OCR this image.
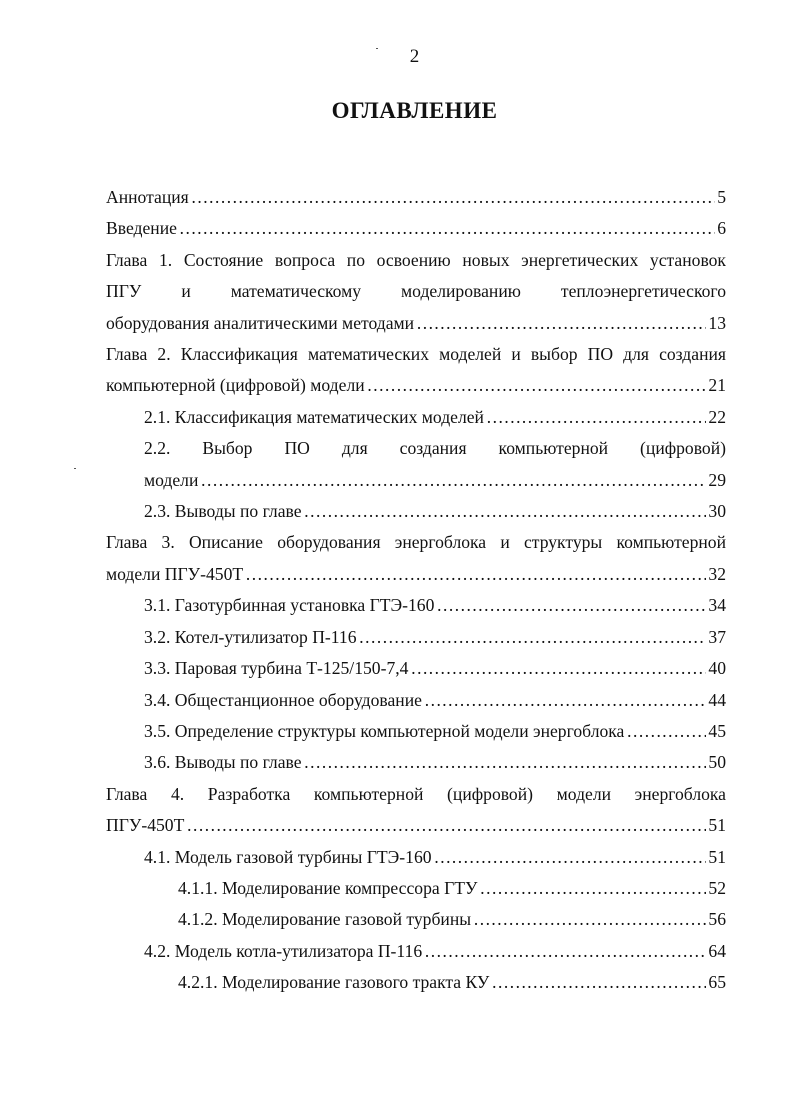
2
ОГЛАВЛЕНИЕ
Аннотация ……………………………………………………………………………………………………………………………………………………………………………………………………	5
Введение ……………………………………………………………………………………………………………………………………………………………………………………………………	6
Глава 1. Состояние вопроса по освоению новых энергетических установок
ПГУ и математическому моделированию теплоэнергетического
оборудования аналитическими методами ……………………………………………………………………………………………………………………………………………………………………………………………………	13
Глава 2. Классификация математических моделей и выбор ПО для создания
компьютерной (цифровой) модели ……………………………………………………………………………………………………………………………………………………………………………………………………	21
2.1. Классификация математических моделей ……………………………………………………………………………………………………………………………………………………………………………………………………	22
2.2. Выбор ПО для создания компьютерной (цифровой)
модели ……………………………………………………………………………………………………………………………………………………………………………………………………	29
2.3. Выводы по главе ……………………………………………………………………………………………………………………………………………………………………………………………………	30
Глава 3. Описание оборудования энергоблока и структуры компьютерной
модели ПГУ-450Т ……………………………………………………………………………………………………………………………………………………………………………………………………	32
3.1. Газотурбинная установка ГТЭ-160 ……………………………………………………………………………………………………………………………………………………………………………………………………	34
3.2. Котел-утилизатор П-116 ……………………………………………………………………………………………………………………………………………………………………………………………………	37
3.3. Паровая турбина Т-125/150-7,4 ……………………………………………………………………………………………………………………………………………………………………………………………………	40
3.4. Общестанционное оборудование ……………………………………………………………………………………………………………………………………………………………………………………………………	44
3.5. Определение структуры компьютерной модели энергоблока ……………………………………………………………………………………………………………………………………………………………………………………………………	45
3.6. Выводы по главе ……………………………………………………………………………………………………………………………………………………………………………………………………	50
Глава 4. Разработка компьютерной (цифровой) модели энергоблока
ПГУ-450Т ……………………………………………………………………………………………………………………………………………………………………………………………………	51
4.1. Модель газовой турбины ГТЭ-160 ……………………………………………………………………………………………………………………………………………………………………………………………………	51
4.1.1. Моделирование компрессора ГТУ ……………………………………………………………………………………………………………………………………………………………………………………………………	52
4.1.2. Моделирование газовой турбины ……………………………………………………………………………………………………………………………………………………………………………………………………	56
4.2. Модель котла-утилизатора П-116 ……………………………………………………………………………………………………………………………………………………………………………………………………	64
4.2.1. Моделирование газового тракта КУ ……………………………………………………………………………………………………………………………………………………………………………………………………	65
